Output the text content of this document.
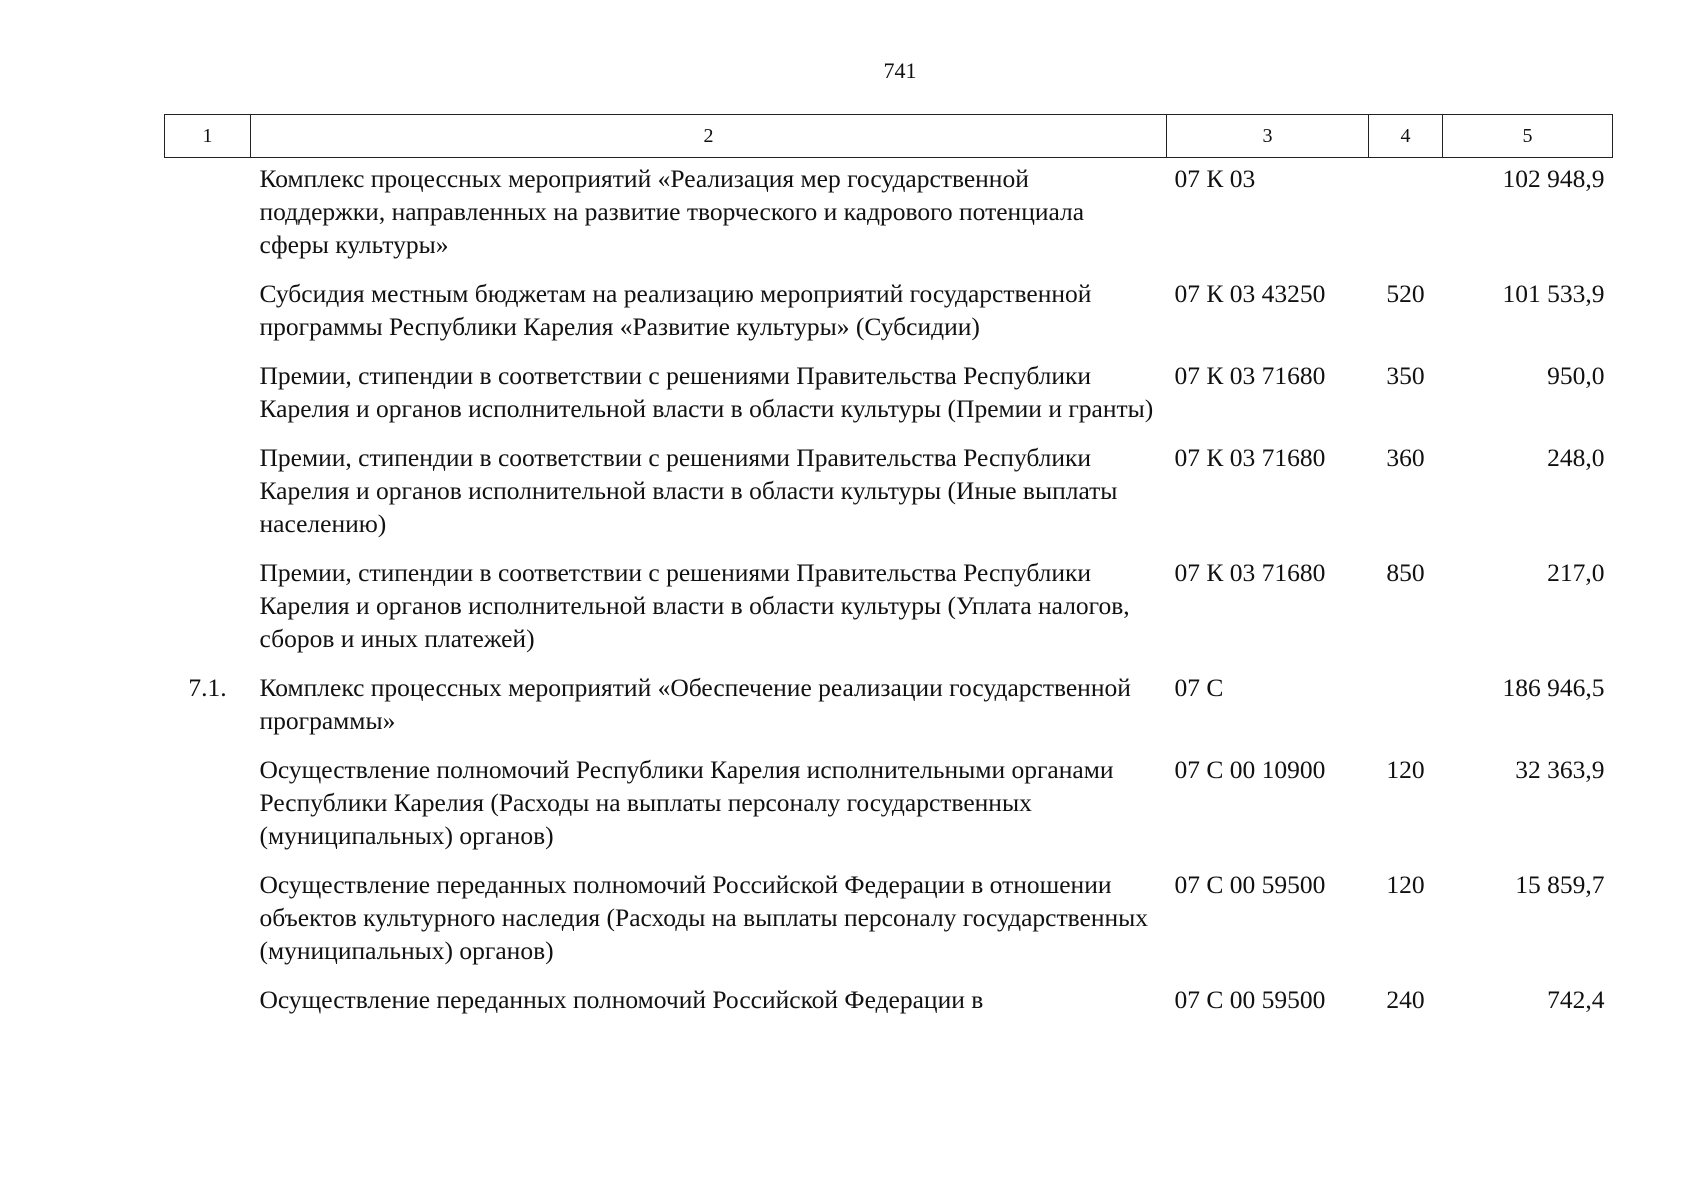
741
1	2	3	4	5
	Комплекс процессных мероприятий «Реализация мер государственной поддержки, направленных на развитие творческого и кадрового потенциала сферы культуры»	07 К 03		102 948,9
	Субсидия местным бюджетам на реализацию мероприятий государственной программы Республики Карелия «Развитие культуры» (Субсидии)	07 К 03 43250	520	101 533,9
	Премии, стипендии в соответствии с решениями Правительства Республики Карелия и органов исполнительной власти в области культуры (Премии и гранты)	07 К 03 71680	350	950,0
	Премии, стипендии в соответствии с решениями Правительства Республики Карелия и органов исполнительной власти в области культуры (Иные выплаты населению)	07 К 03 71680	360	248,0
	Премии, стипендии в соответствии с решениями Правительства Республики Карелия и органов исполнительной власти в области культуры (Уплата налогов, сборов и иных платежей)	07 К 03 71680	850	217,0
7.1.	Комплекс процессных мероприятий «Обеспечение реализации государственной программы»	07 С		186 946,5
	Осуществление полномочий Республики Карелия исполнительными органами Республики Карелия (Расходы на выплаты персоналу государственных (муниципальных) органов)	07 С 00 10900	120	32 363,9
	Осуществление переданных полномочий Российской Федерации в отношении объектов культурного наследия (Расходы на выплаты персоналу государственных (муниципальных) органов)	07 С 00 59500	120	15 859,7
	Осуществление переданных полномочий Российской Федерации в	07 С 00 59500	240	742,4
